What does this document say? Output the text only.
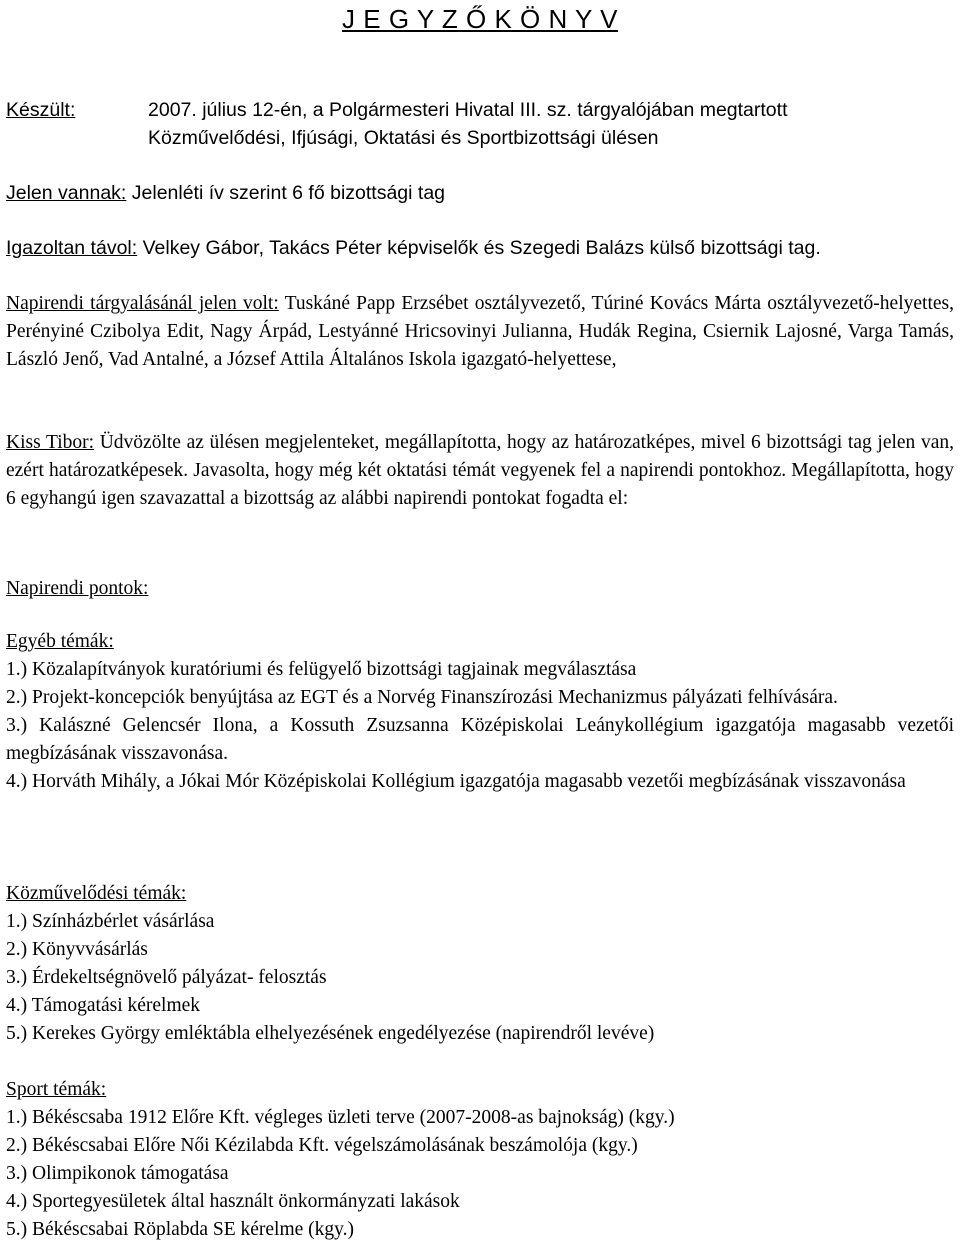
J E G Y Z Ő K Ö N Y V
Készült:	2007. július 12-én, a Polgármesteri Hivatal III. sz. tárgyalójában megtartott
Közművelődési, Ifjúsági, Oktatási és Sportbizottsági ülésen
Jelen vannak: Jelenléti ív szerint 6 fő bizottsági tag
Igazoltan távol: Velkey Gábor, Takács Péter képviselők és Szegedi Balázs külső bizottsági tag.
Napirendi tárgyalásánál jelen volt: Tuskáné Papp Erzsébet osztályvezető, Túriné Kovács Márta osztályvezető-helyettes, Perényiné Czibolya Edit, Nagy Árpád, Lestyánné Hricsovinyi Julianna, Hudák Regina, Csiernik Lajosné, Varga Tamás, László Jenő, Vad Antalné, a József Attila Általános Iskola igazgató-helyettese,
Kiss Tibor: Üdvözölte az ülésen megjelenteket, megállapította, hogy az határozatképes, mivel 6 bizottsági tag jelen van, ezért határozatképesek. Javasolta, hogy még két oktatási témát vegyenek fel a napirendi pontokhoz. Megállapította, hogy 6 egyhangú igen szavazattal a bizottság az alábbi napirendi pontokat fogadta el:
Napirendi pontok:
Egyéb témák:
1.) Közalapítványok kuratóriumi és felügyelő bizottsági tagjainak megválasztása
2.) Projekt-koncepciók benyújtása az EGT és a Norvég Finanszírozási Mechanizmus pályázati felhívására.
3.) Kalászné Gelencsér Ilona, a Kossuth Zsuzsanna Középiskolai Leánykollégium igazgatója magasabb vezetői megbízásának visszavonása.
4.) Horváth Mihály, a Jókai Mór Középiskolai Kollégium igazgatója magasabb vezetői megbízásának visszavonása
Közművelődési témák:
1.) Színházbérlet vásárlása
2.) Könyvvásárlás
3.) Érdekeltségnövelő pályázat- felosztás
4.) Támogatási kérelmek
5.) Kerekes György emléktábla elhelyezésének engedélyezése (napirendről levéve)
Sport témák:
1.) Békéscsaba 1912 Előre Kft. végleges üzleti terve (2007-2008-as bajnokság) (kgy.)
2.) Békéscsabai Előre Női Kézilabda Kft. végelszámolásának beszámolója (kgy.)
3.) Olimpikonok támogatása
4.) Sportegyesületek által használt önkormányzati lakások
5.) Békéscsabai Röplabda SE kérelme (kgy.)
